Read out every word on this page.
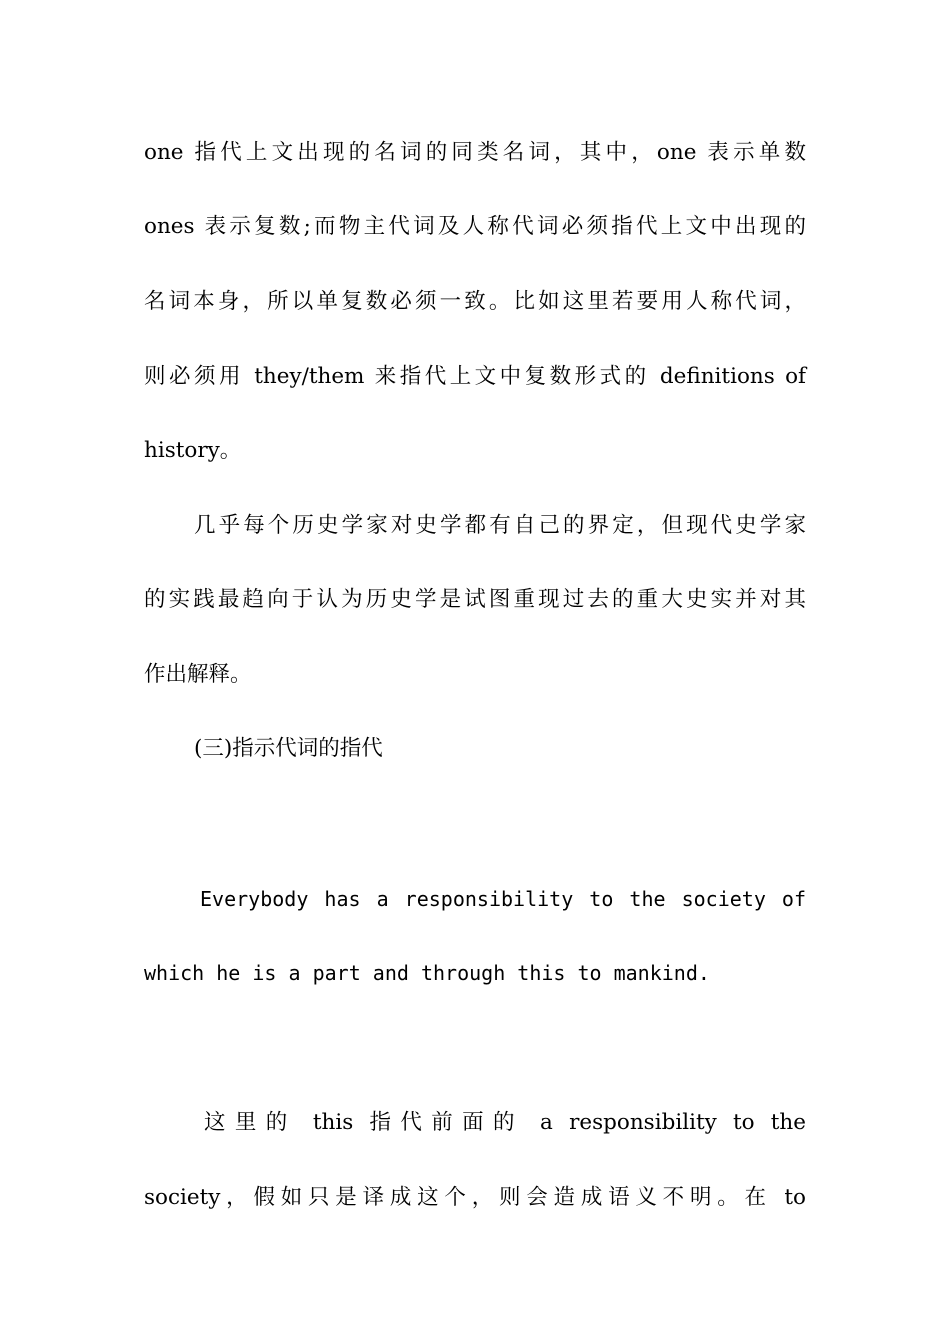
one 指代上文出现的名词的同类名词，其中，one 表示单数
ones 表示复数;而物主代词及人称代词必须指代上文中出现的
名词本身，所以单复数必须一致。比如这里若要用人称代词，
则必须用 they/them 来指代上文中复数形式的 definitions of
history。
几乎每个历史学家对史学都有自己的界定，但现代史学家
的实践最趋向于认为历史学是试图重现过去的重大史实并对其
作出解释。
(三)指示代词的指代
Everybody has a responsibility to the society of
which he is a part and through this to mankind.
这里的 this 指代前面的 a responsibility to the
society，假如只是译成这个，则会造成语义不明。在 to
